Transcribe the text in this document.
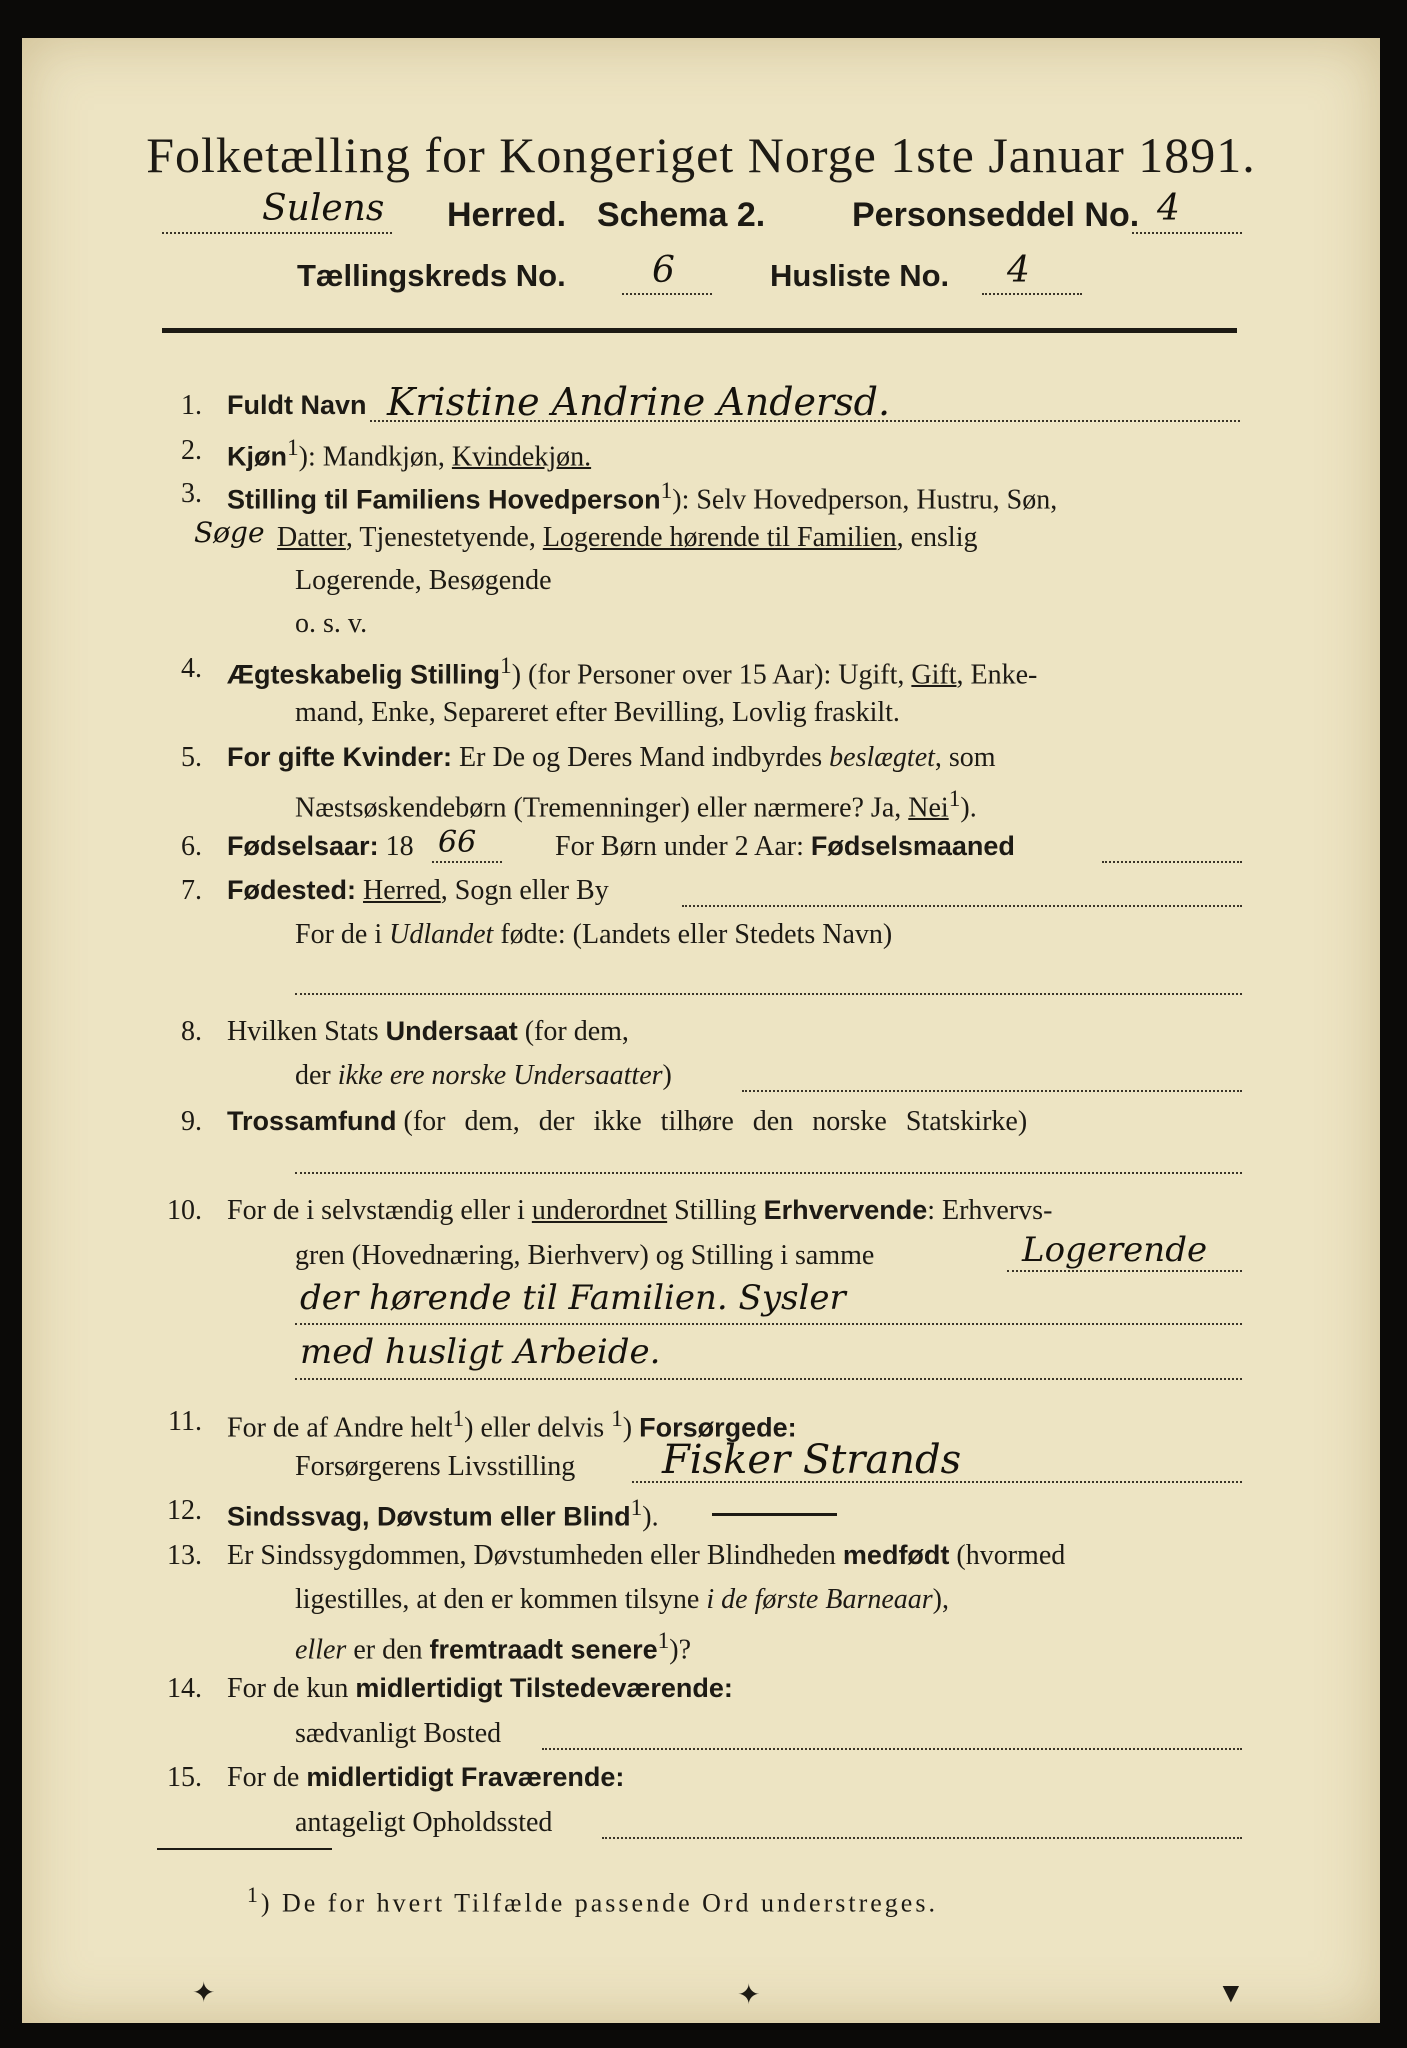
Folketælling for Kongeriget Norge 1ste Januar 1891.
Sulens Herred. Schema 2.	Personseddel No. 4
Tællingskreds No. 6	Husliste No. 4
1. Fuldt Navn Kristine Andrine Andersd.
2. Kjøn$^1$): Mandkjøn, Kvindekjøn.
3. Stilling til Familiens Hovedperson$^1$): Selv Hovedperson, Hustru, Søn,
Søge Datter, Tjenestetyende, Logerende hørende til Familien, enslig
Logerende, Besøgende
o. s. v.
4. Ægteskabelig Stilling$^1$) (for Personer over 15 Aar): Ugift, Gift, Enke-
mand, Enke, Separeret efter Bevilling, Lovlig fraskilt.
5. For gifte Kvinder: Er De og Deres Mand indbyrdes beslægtet, som
Næstsøskendebørn (Tremenninger) eller nærmere? Ja, Nei$^1$).
6. Fødselsaar: 18 66	For Børn under 2 Aar: Fødselsmaaned
7. Fødested: Herred, Sogn eller By
For de i Udlandet fødte: (Landets eller Stedets Navn)
8. Hvilken Stats Undersaat (for dem,
der ikke ere norske Undersaatter)
9. Trossamfund (for dem, der ikke tilhøre den norske Statskirke)
10. For de i selvstændig eller i underordnet Stilling Erhvervende: Erhvervs-
gren (Hovednæring, Bierhverv) og Stilling i samme	Logerende
der hørende til Familien. Sysler
med husligt Arbeide.
11. For de af Andre helt$^1$) eller delvis $^1$) Forsørgede:
Forsørgerens Livsstilling Fisker Strands
12. Sindssvag, Døvstum eller Blind$^1$).
13. Er Sindssygdommen, Døvstumheden eller Blindheden medfødt (hvormed
ligestilles, at den er kommen tilsyne i de første Barneaar),
eller er den fremtraadt senere$^1$)?
14. For de kun midlertidigt Tilstedeværende:
sædvanligt Bosted
15. For de midlertidigt Fraværende:
antageligt Opholdssted
$^1$) De for hvert Tilfælde passende Ord understreges.
✦	✦	▼
